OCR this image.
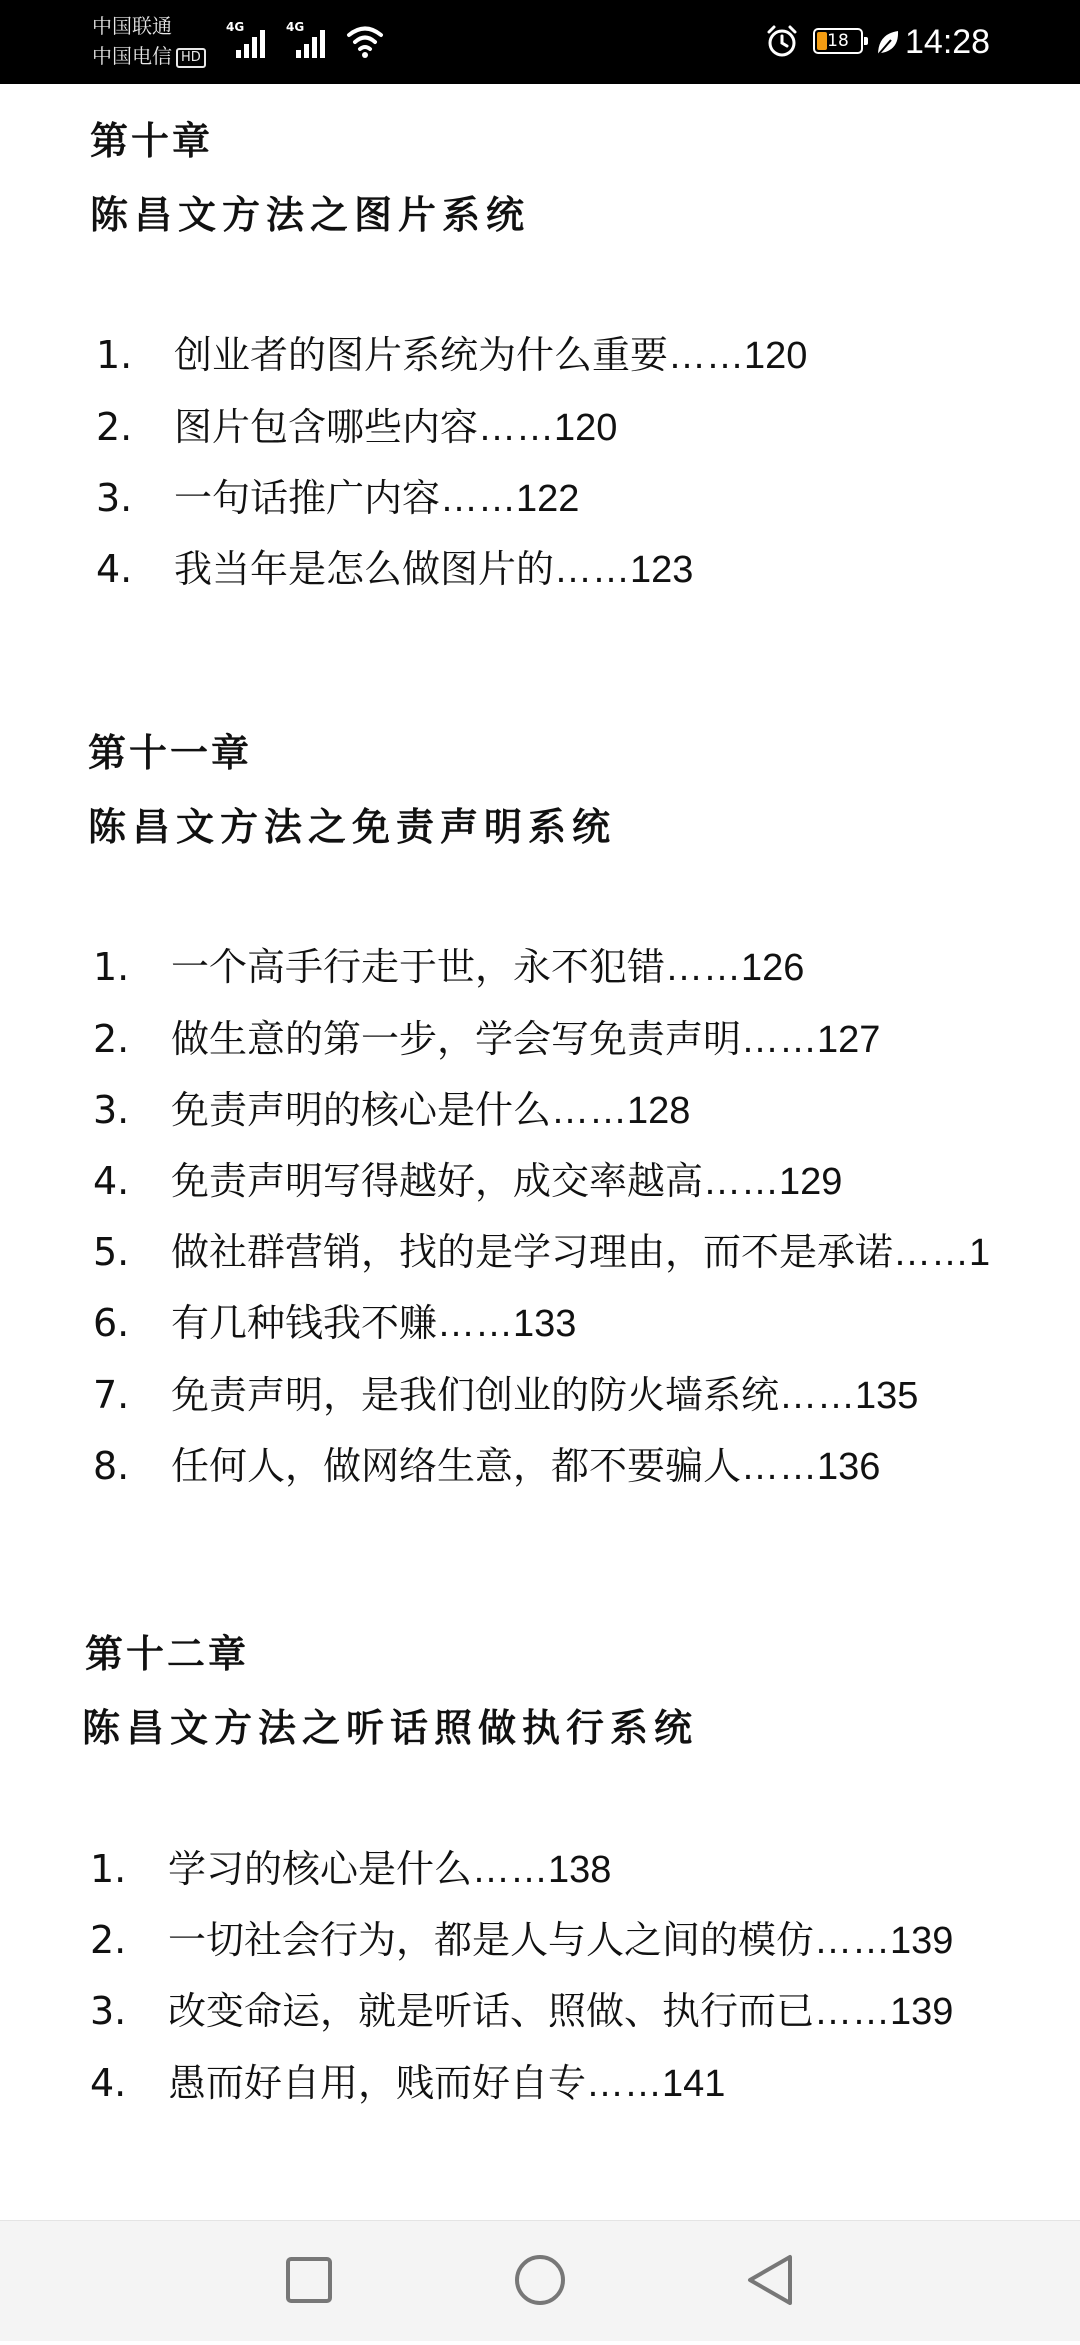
中国联通
中国电信 HD
4G	4G
18	14:28
第十章
陈昌文方法之图片系统
1. 创业者的图片系统为什么重要……120
2. 图片包含哪些内容……120
3. 一句话推广内容……122
4. 我当年是怎么做图片的……123
第十一章
陈昌文方法之免责声明系统
1. 一个高手行走于世，永不犯错……126
2. 做生意的第一步，学会写免责声明……127
3. 免责声明的核心是什么……128
4. 免责声明写得越好，成交率越高……129
5. 做社群营销，找的是学习理由，而不是承诺……1
6. 有几种钱我不赚……133
7. 免责声明，是我们创业的防火墙系统……135
8. 任何人，做网络生意，都不要骗人……136
第十二章
陈昌文方法之听话照做执行系统
1. 学习的核心是什么……138
2. 一切社会行为，都是人与人之间的模仿……139
3. 改变命运，就是听话、照做、执行而已……139
4. 愚而好自用，贱而好自专……141
